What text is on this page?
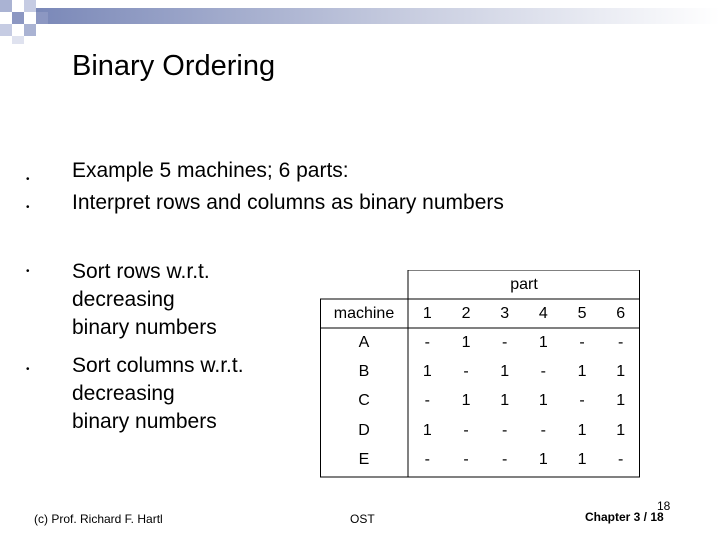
Binary Ordering
• Example 5 machines; 6 parts:
• Interpret rows and columns as binary numbers
• Sort rows w.r.t.
decreasing
binary numbers
• Sort columns w.r.t.
decreasing
binary numbers
part
machine	1	2	3	4	5	6
A	-	1	-	1	-	-
B	1	-	1	-	1	1
C	-	1	1	1	-	1
D	1	-	-	-	1	1
E	-	-	-	1	1	-
(c) Prof. Richard F. Hartl	OST
18
Chapter 3 / 18
